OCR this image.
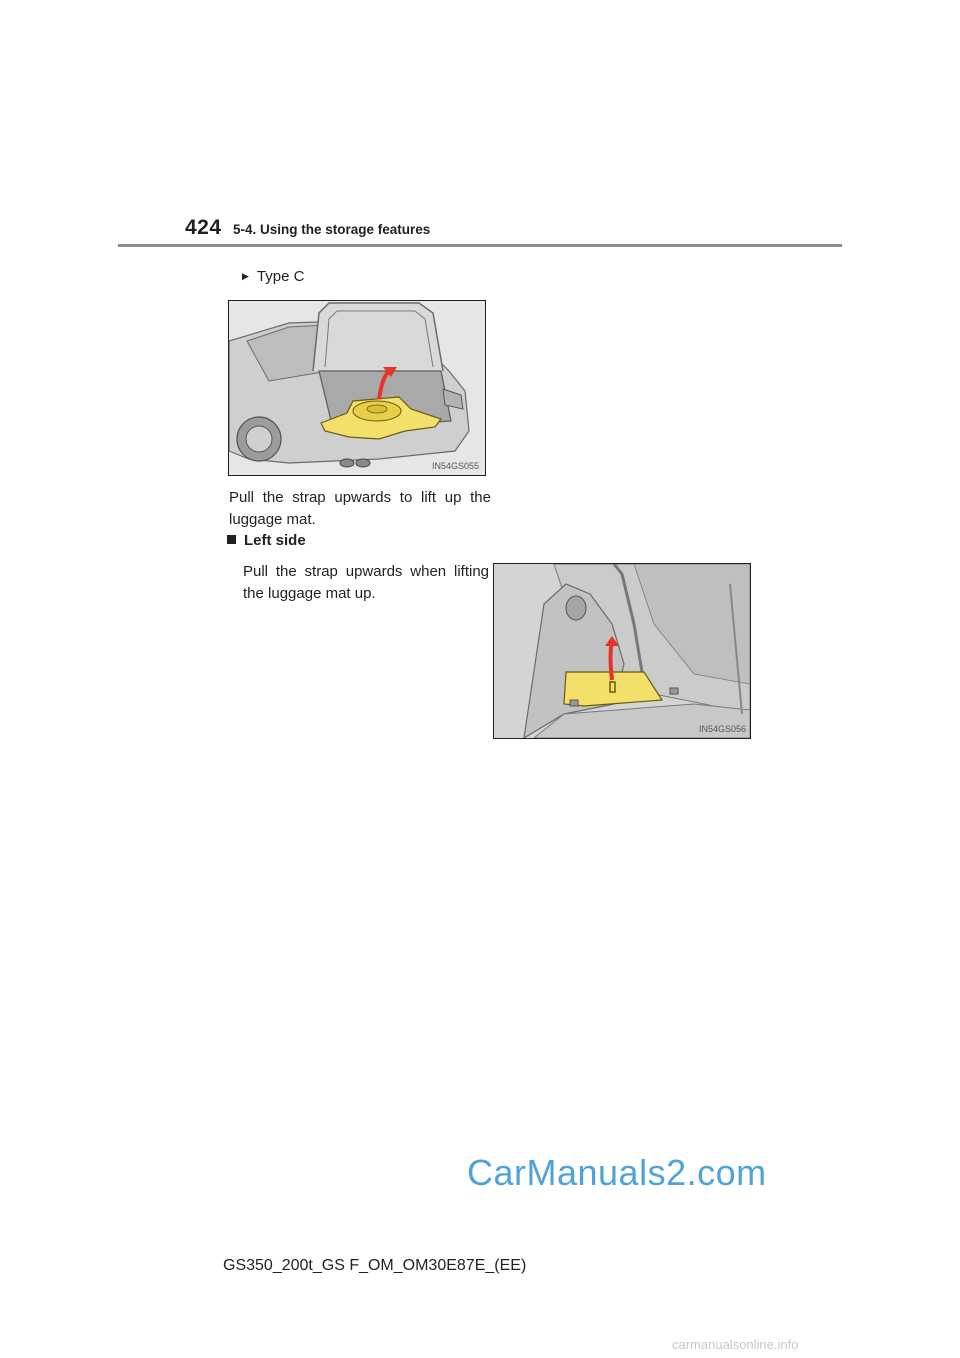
424 5-4. Using the storage features
▶ Type C
IN54GS055
Pull the strap upwards to lift up the luggage mat.
Left side
Pull the strap upwards when lifting the luggage mat up.
IN54GS056
CarManuals2.com
GS350_200t_GS F_OM_OM30E87E_(EE)
carmanualsonline.info
